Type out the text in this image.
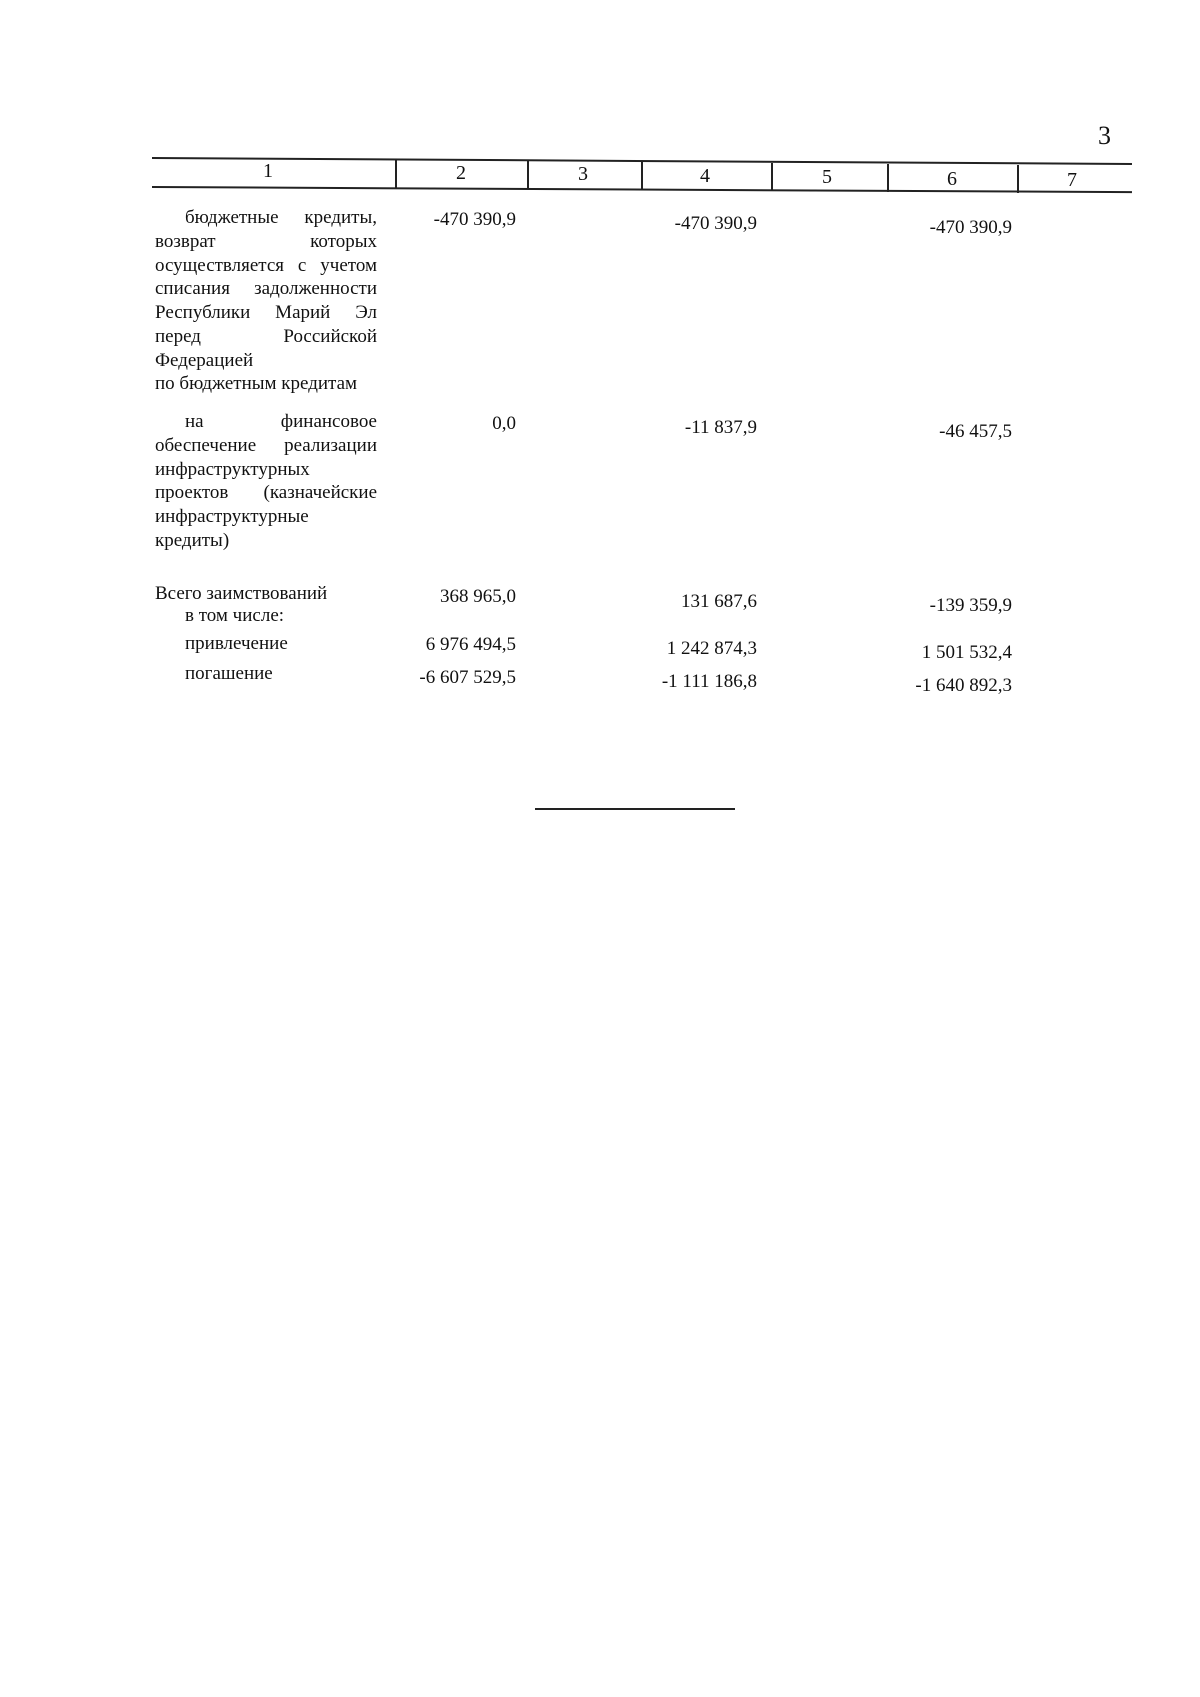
3
1	2	3	4	5	6	7
бюджетные кредиты,
возврат которых
осуществляется с учетом
списания задолженности
Республики Марий Эл
перед Российской
Федерацией
по бюджетным кредитам
-470 390,9	-470 390,9	-470 390,9
на финансовое
обеспечение реализации
инфраструктурных
проектов (казначейские
инфраструктурные
кредиты)
0,0	-11 837,9	-46 457,5
Всего заимствований
в том числе:
368 965,0	131 687,6	-139 359,9
привлечение	6 976 494,5	1 242 874,3	1 501 532,4
погашение	-6 607 529,5	-1 111 186,8	-1 640 892,3
